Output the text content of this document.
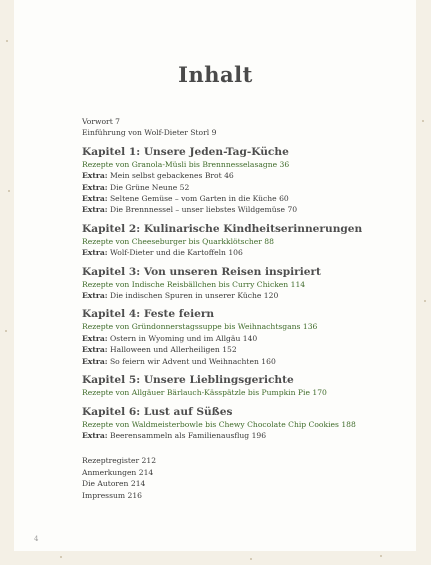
Inhalt
Vorwort 7
Einführung von Wolf-Dieter Storl 9
Kapitel 1: Unsere Jeden-Tag-Küche
Rezepte von Granola-Müsli bis Brennnesselasagne 36
Extra: Mein selbst gebackenes Brot 46
Extra: Die Grüne Neune 52
Extra: Seltene Gemüse – vom Garten in die Küche 60
Extra: Die Brennnessel – unser liebstes Wildgemüse 70
Kapitel 2: Kulinarische Kindheitserinnerungen
Rezepte von Cheeseburger bis Quarkklötscher 88
Extra: Wolf-Dieter und die Kartoffeln 106
Kapitel 3: Von unseren Reisen inspiriert
Rezepte von Indische Reisbällchen bis Curry Chicken 114
Extra: Die indischen Spuren in unserer Küche 120
Kapitel 4: Feste feiern
Rezepte von Gründonnerstagssuppe bis Weihnachtsgans 136
Extra: Ostern in Wyoming und im Allgäu 140
Extra: Halloween und Allerheiligen 152
Extra: So feiern wir Advent und Weihnachten 160
Kapitel 5: Unsere Lieblingsgerichte
Rezepte von Allgäuer Bärlauch-Kässpätzle bis Pumpkin Pie 170
Kapitel 6: Lust auf Süßes
Rezepte von Waldmeisterbowle bis Chewy Chocolate Chip Cookies 188
Extra: Beerensammeln als Familienausflug 196
Rezeptregister 212
Anmerkungen 214
Die Autoren 214
Impressum 216
4
